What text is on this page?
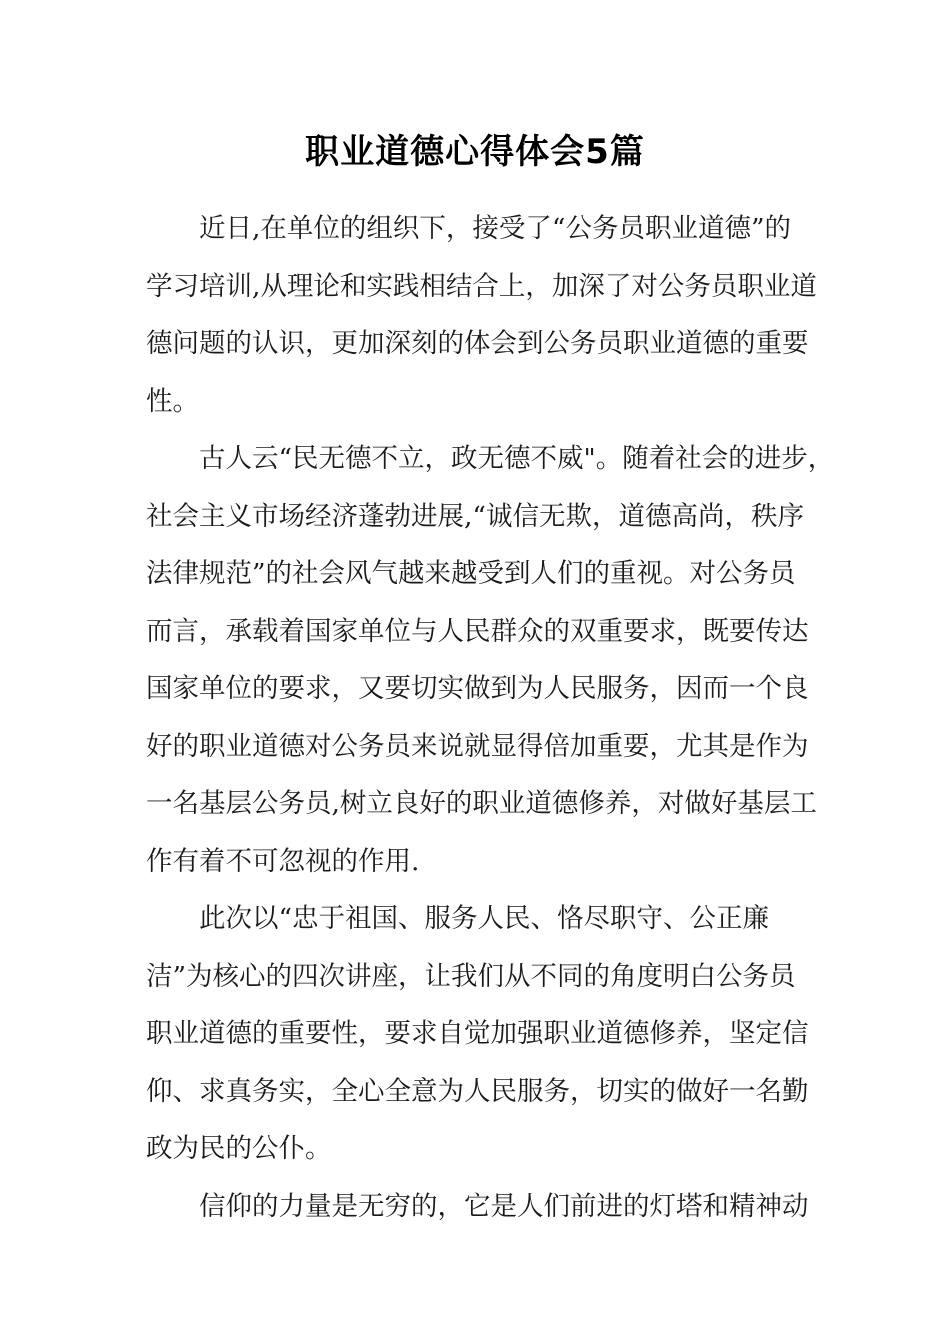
职业道德心得体会5篇
近日,在单位的组织下，接受了“公务员职业道德”的
学习培训,从理论和实践相结合上，加深了对公务员职业道
德问题的认识，更加深刻的体会到公务员职业道德的重要
性。
古人云“民无德不立，政无德不威"。随着社会的进步，
社会主义市场经济蓬勃进展,“诚信无欺，道德高尚，秩序
法律规范”的社会风气越来越受到人们的重视。对公务员
而言，承载着国家单位与人民群众的双重要求，既要传达
国家单位的要求，又要切实做到为人民服务，因而一个良
好的职业道德对公务员来说就显得倍加重要，尤其是作为
一名基层公务员,树立良好的职业道德修养，对做好基层工
作有着不可忽视的作用.
此次以“忠于祖国、服务人民、恪尽职守、公正廉
洁”为核心的四次讲座，让我们从不同的角度明白公务员
职业道德的重要性，要求自觉加强职业道德修养，坚定信
仰、求真务实，全心全意为人民服务，切实的做好一名勤
政为民的公仆。
信仰的力量是无穷的，它是人们前进的灯塔和精神动
